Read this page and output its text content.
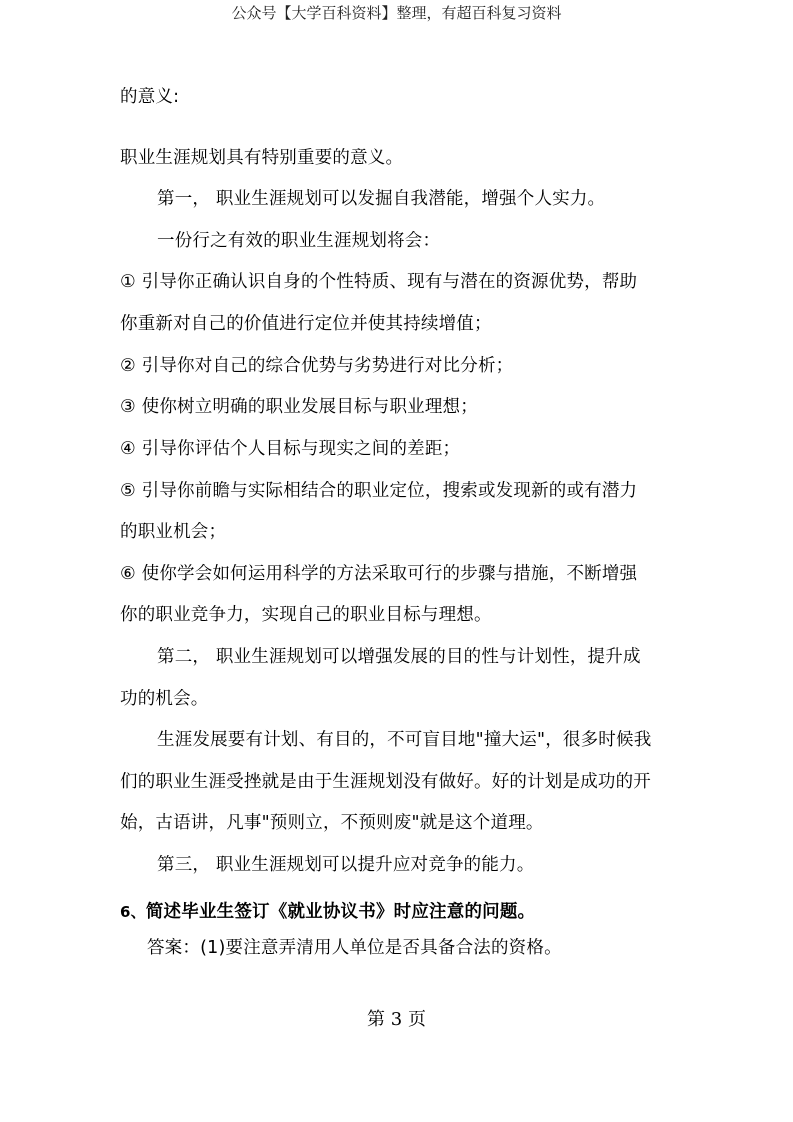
公众号【大学百科资料】整理，有超百科复习资料
的意义:
职业生涯规划具有特别重要的意义。
第一， 职业生涯规划可以发掘自我潜能，增强个人实力。
一份行之有效的职业生涯规划将会：
① 引导你正确认识自身的个性特质、现有与潜在的资源优势，帮助
你重新对自己的价值进行定位并使其持续增值；
② 引导你对自己的综合优势与劣势进行对比分析；
③ 使你树立明确的职业发展目标与职业理想；
④ 引导你评估个人目标与现实之间的差距；
⑤ 引导你前瞻与实际相结合的职业定位，搜索或发现新的或有潜力
的职业机会；
⑥ 使你学会如何运用科学的方法采取可行的步骤与措施，不断增强
你的职业竞争力，实现自己的职业目标与理想。
第二， 职业生涯规划可以增强发展的目的性与计划性，提升成
功的机会。
生涯发展要有计划、有目的，不可盲目地"撞大运"，很多时候我
们的职业生涯受挫就是由于生涯规划没有做好。好的计划是成功的开
始，古语讲，凡事"预则立，不预则废"就是这个道理。
第三， 职业生涯规划可以提升应对竞争的能力。
6、简述毕业生签订《就业协议书》时应注意的问题。
答案：(1)要注意弄清用人单位是否具备合法的资格。
第 3 页
